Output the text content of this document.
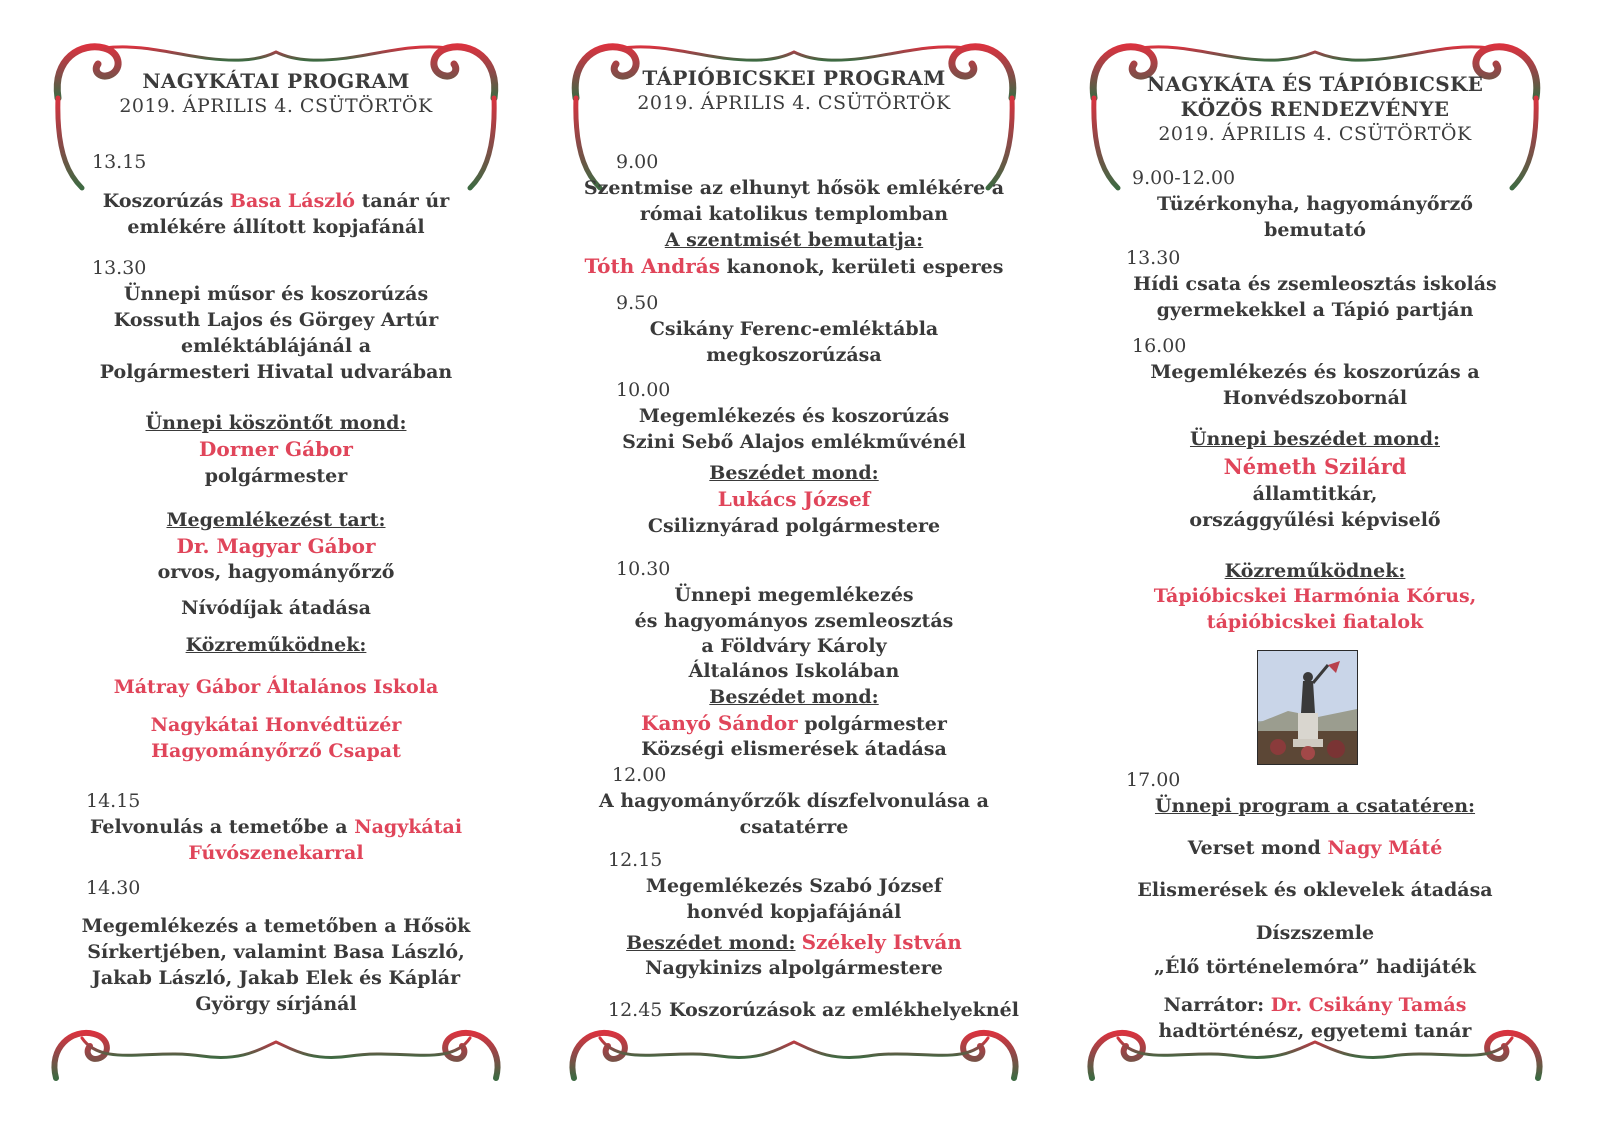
NAGYKÁTAI PROGRAM
2019. ÁPRILIS 4. CSÜTÖRTÖK
13.15
Koszorúzás Basa László tanár úr
emlékére állított kopjafánál
13.30
Ünnepi műsor és koszorúzás
Kossuth Lajos és Görgey Artúr
emléktáblájánál a
Polgármesteri Hivatal udvarában
Ünnepi köszöntőt mond:
Dorner Gábor
polgármester
Megemlékezést tart:
Dr. Magyar Gábor
orvos, hagyományőrző
Nívódíjak átadása
Közreműködnek:
Mátray Gábor Általános Iskola
Nagykátai Honvédtüzér
Hagyományőrző Csapat
14.15
Felvonulás a temetőbe a Nagykátai
Fúvószenekarral
14.30
Megemlékezés a temetőben a Hősök
Sírkertjében, valamint Basa László,
Jakab László, Jakab Elek és Káplár
György sírjánál
TÁPIÓBICSKEI PROGRAM
2019. ÁPRILIS 4. CSÜTÖRTÖK
9.00
Szentmise az elhunyt hősök emlékére a
római katolikus templomban
A szentmisét bemutatja:
Tóth András kanonok, kerületi esperes
9.50
Csikány Ferenc-emléktábla
megkoszorúzása
10.00
Megemlékezés és koszorúzás
Szini Sebő Alajos emlékművénél
Beszédet mond:
Lukács József
Csiliznyárad polgármestere
10.30
Ünnepi megemlékezés
és hagyományos zsemleosztás
a Földváry Károly
Általános Iskolában
Beszédet mond:
Kanyó Sándor polgármester
Községi elismerések átadása
12.00
A hagyományőrzők díszfelvonulása a
csatatérre
12.15
Megemlékezés Szabó József
honvéd kopjafájánál
Beszédet mond: Székely István
Nagykinizs alpolgármestere
12.45 Koszorúzások az emlékhelyeknél
NAGYKÁTA ÉS TÁPIÓBICSKE
KÖZÖS RENDEZVÉNYE
2019. ÁPRILIS 4. CSÜTÖRTÖK
9.00-12.00
Tüzérkonyha, hagyományőrző
bemutató
13.30
Hídi csata és zsemleosztás iskolás
gyermekekkel a Tápió partján
16.00
Megemlékezés és koszorúzás a
Honvédszobornál
Ünnepi beszédet mond:
Németh Szilárd
államtitkár,
országgyűlési képviselő
Közreműködnek:
Tápióbicskei Harmónia Kórus,
tápióbicskei fiatalok
17.00
Ünnepi program a csatatéren:
Verset mond Nagy Máté
Elismerések és oklevelek átadása
Díszszemle
„Élő történelemóra” hadijáték
Narrátor: Dr. Csikány Tamás
hadtörténész, egyetemi tanár
